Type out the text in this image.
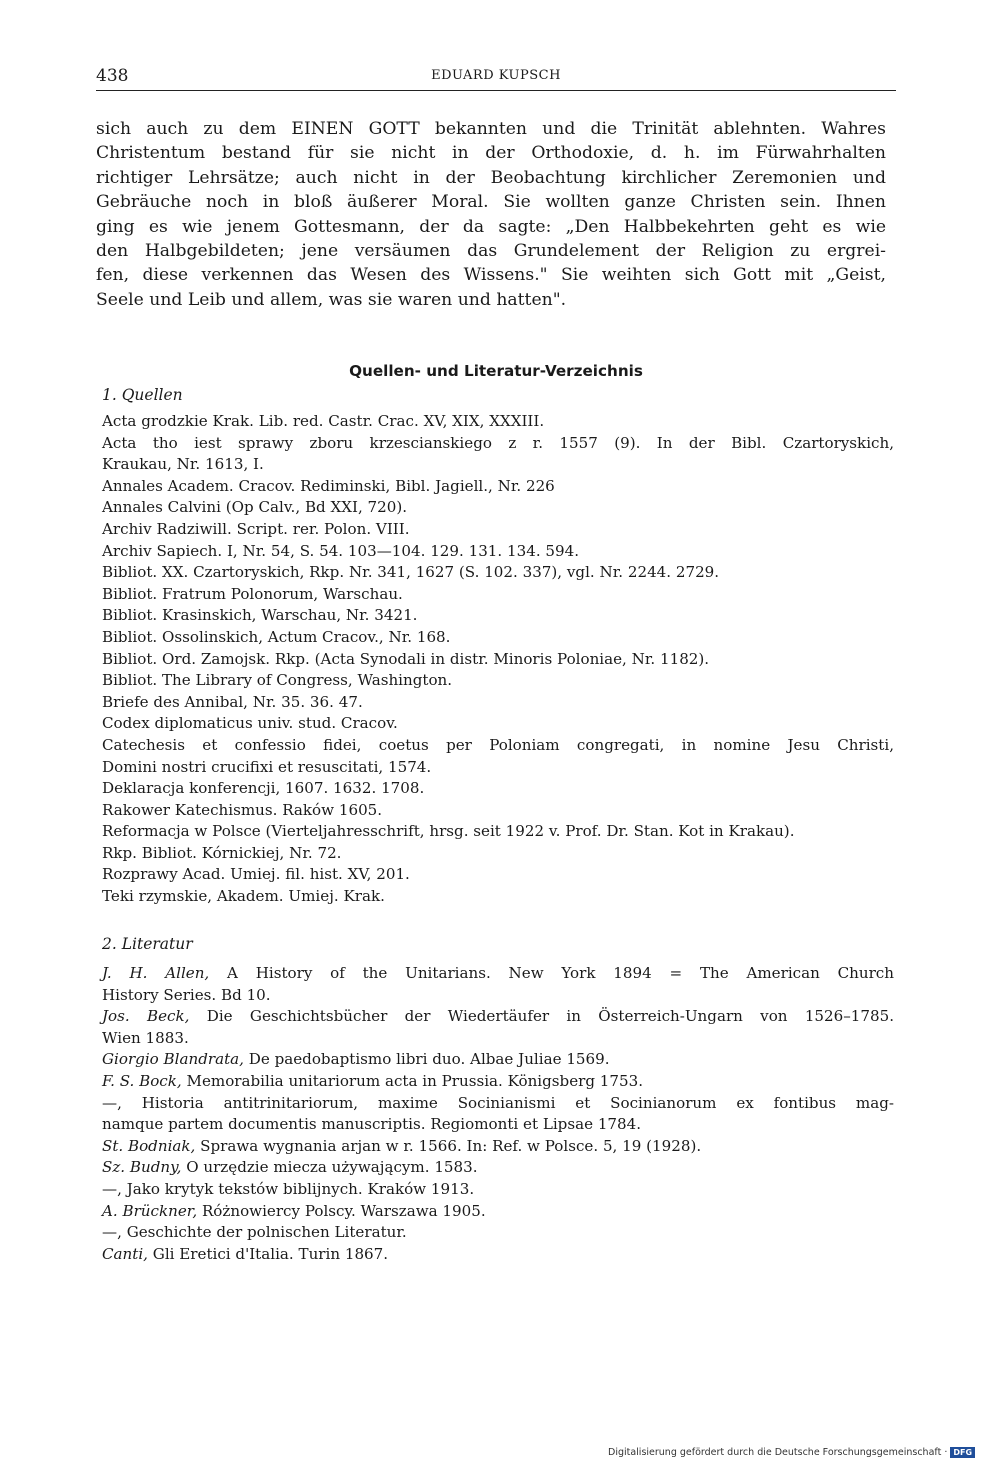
438	EDUARD KUPSCH
sich auch zu dem EINEN GOTT bekannten und die Trinität ablehnten. Wahres
Christentum bestand für sie nicht in der Orthodoxie, d. h. im Fürwahrhalten
richtiger Lehrsätze; auch nicht in der Beobachtung kirchlicher Zeremonien und
Gebräuche noch in bloß äußerer Moral. Sie wollten ganze Christen sein. Ihnen
ging es wie jenem Gottesmann, der da sagte: „Den Halbbekehrten geht es wie
den Halbgebildeten; jene versäumen das Grundelement der Religion zu ergrei-
fen, diese verkennen das Wesen des Wissens." Sie weihten sich Gott mit „Geist,
Seele und Leib und allem, was sie waren und hatten".
Quellen- und Literatur-Verzeichnis
1. Quellen
Acta grodzkie Krak. Lib. red. Castr. Crac. XV, XIX, XXXIII.
Acta tho iest sprawy zboru krzescianskiego z r. 1557 (9). In der Bibl. Czartoryskich,
Kraukau, Nr. 1613, I.
Annales Academ. Cracov. Rediminski, Bibl. Jagiell., Nr. 226
Annales Calvini (Op Calv., Bd XXI, 720).
Archiv Radziwill. Script. rer. Polon. VIII.
Archiv Sapiech. I, Nr. 54, S. 54. 103—104. 129. 131. 134. 594.
Bibliot. XX. Czartoryskich, Rkp. Nr. 341, 1627 (S. 102. 337), vgl. Nr. 2244. 2729.
Bibliot. Fratrum Polonorum, Warschau.
Bibliot. Krasinskich, Warschau, Nr. 3421.
Bibliot. Ossolinskich, Actum Cracov., Nr. 168.
Bibliot. Ord. Zamojsk. Rkp. (Acta Synodali in distr. Minoris Poloniae, Nr. 1182).
Bibliot. The Library of Congress, Washington.
Briefe des Annibal, Nr. 35. 36. 47.
Codex diplomaticus univ. stud. Cracov.
Catechesis et confessio fidei, coetus per Poloniam congregati, in nomine Jesu Christi,
Domini nostri crucifixi et resuscitati, 1574.
Deklaracja konferencji, 1607. 1632. 1708.
Rakower Katechismus. Raków 1605.
Reformacja w Polsce (Vierteljahresschrift, hrsg. seit 1922 v. Prof. Dr. Stan. Kot in Krakau).
Rkp. Bibliot. Kórnickiej, Nr. 72.
Rozprawy Acad. Umiej. fil. hist. XV, 201.
Teki rzymskie, Akadem. Umiej. Krak.
2. Literatur
J. H. Allen, A History of the Unitarians. New York 1894 = The American Church
History Series. Bd 10.
Jos. Beck, Die Geschichtsbücher der Wiedertäufer in Österreich-Ungarn von 1526–1785.
Wien 1883.
Giorgio Blandrata, De paedobaptismo libri duo. Albae Juliae 1569.
F. S. Bock, Memorabilia unitariorum acta in Prussia. Königsberg 1753.
—, Historia antitrinitariorum, maxime Socinianismi et Socinianorum ex fontibus mag-
namque partem documentis manuscriptis. Regiomonti et Lipsae 1784.
St. Bodniak, Sprawa wygnania arjan w r. 1566. In: Ref. w Polsce. 5, 19 (1928).
Sz. Budny, O urzędzie miecza używającym. 1583.
—, Jako krytyk tekstów biblijnych. Kraków 1913.
A. Brückner, Różnowiercy Polscy. Warszawa 1905.
—, Geschichte der polnischen Literatur.
Canti, Gli Eretici d'Italia. Turin 1867.
Digitalisierung gefördert durch die Deutsche Forschungsgemeinschaft · DFG
